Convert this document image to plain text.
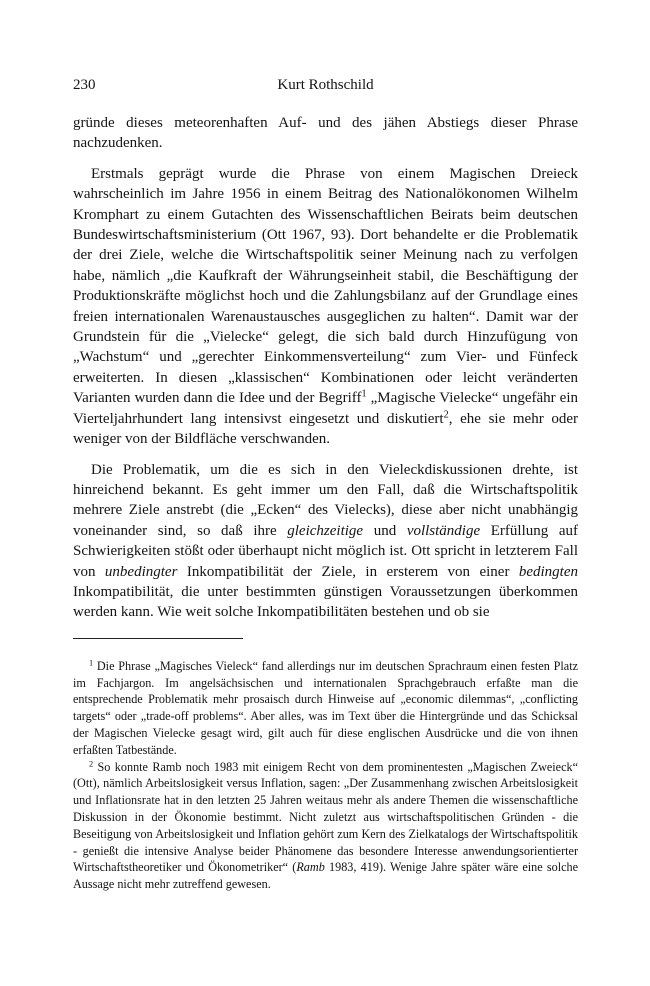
230	Kurt Rothschild

gründe dieses meteorenhaften Auf- und des jähen Abstiegs dieser Phrase nachzudenken.

Erstmals geprägt wurde die Phrase von einem Magischen Dreieck wahrscheinlich im Jahre 1956 in einem Beitrag des Nationalökonomen Wilhelm Kromphart zu einem Gutachten des Wissenschaftlichen Beirats beim deutschen Bundeswirtschaftsministerium (Ott 1967, 93). Dort behandelte er die Problematik der drei Ziele, welche die Wirtschaftspolitik seiner Meinung nach zu verfolgen habe, nämlich „die Kaufkraft der Währungseinheit stabil, die Beschäftigung der Produktionskräfte möglichst hoch und die Zahlungsbilanz auf der Grundlage eines freien internationalen Warenaustausches ausgeglichen zu halten“. Damit war der Grundstein für die „Vielecke“ gelegt, die sich bald durch Hinzufügung von „Wachstum“ und „gerechter Einkommensverteilung“ zum Vier- und Fünfeck erweiterten. In diesen „klassischen“ Kombinationen oder leicht veränderten Varianten wurden dann die Idee und der Begriff$^1$ „Magische Vielecke“ ungefähr ein Vierteljahrhundert lang intensivst eingesetzt und diskutiert$^2$, ehe sie mehr oder weniger von der Bildfläche verschwanden.

Die Problematik, um die es sich in den Vieleckdiskussionen drehte, ist hinreichend bekannt. Es geht immer um den Fall, daß die Wirtschaftspolitik mehrere Ziele anstrebt (die „Ecken“ des Vielecks), diese aber nicht unabhängig voneinander sind, so daß ihre gleichzeitige und vollständige Erfüllung auf Schwierigkeiten stößt oder überhaupt nicht möglich ist. Ott spricht in letzterem Fall von unbedingter Inkompatibilität der Ziele, in ersterem von einer bedingten Inkompatibilität, die unter bestimmten günstigen Voraussetzungen überkommen werden kann. Wie weit solche Inkompatibilitäten bestehen und ob sie

$^1$ Die Phrase „Magisches Vieleck“ fand allerdings nur im deutschen Sprachraum einen festen Platz im Fachjargon. Im angelsächsischen und internationalen Sprachgebrauch erfaßte man die entsprechende Problematik mehr prosaisch durch Hinweise auf „economic dilemmas“, „conflicting targets“ oder „trade-off problems“. Aber alles, was im Text über die Hintergründe und das Schicksal der Magischen Vielecke gesagt wird, gilt auch für diese englischen Ausdrücke und die von ihnen erfaßten Tatbestände.

$^2$ So konnte Ramb noch 1983 mit einigem Recht von dem prominentesten „Magischen Zweieck“ (Ott), nämlich Arbeitslosigkeit versus Inflation, sagen: „Der Zusammenhang zwischen Arbeitslosigkeit und Inflationsrate hat in den letzten 25 Jahren weitaus mehr als andere Themen die wissenschaftliche Diskussion in der Ökonomie bestimmt. Nicht zuletzt aus wirtschaftspolitischen Gründen - die Beseitigung von Arbeitslosigkeit und Inflation gehört zum Kern des Zielkatalogs der Wirtschaftspolitik - genießt die intensive Analyse beider Phänomene das besondere Interesse anwendungsorientierter Wirtschaftstheoretiker und Ökonometriker“ (Ramb 1983, 419). Wenige Jahre später wäre eine solche Aussage nicht mehr zutreffend gewesen.
